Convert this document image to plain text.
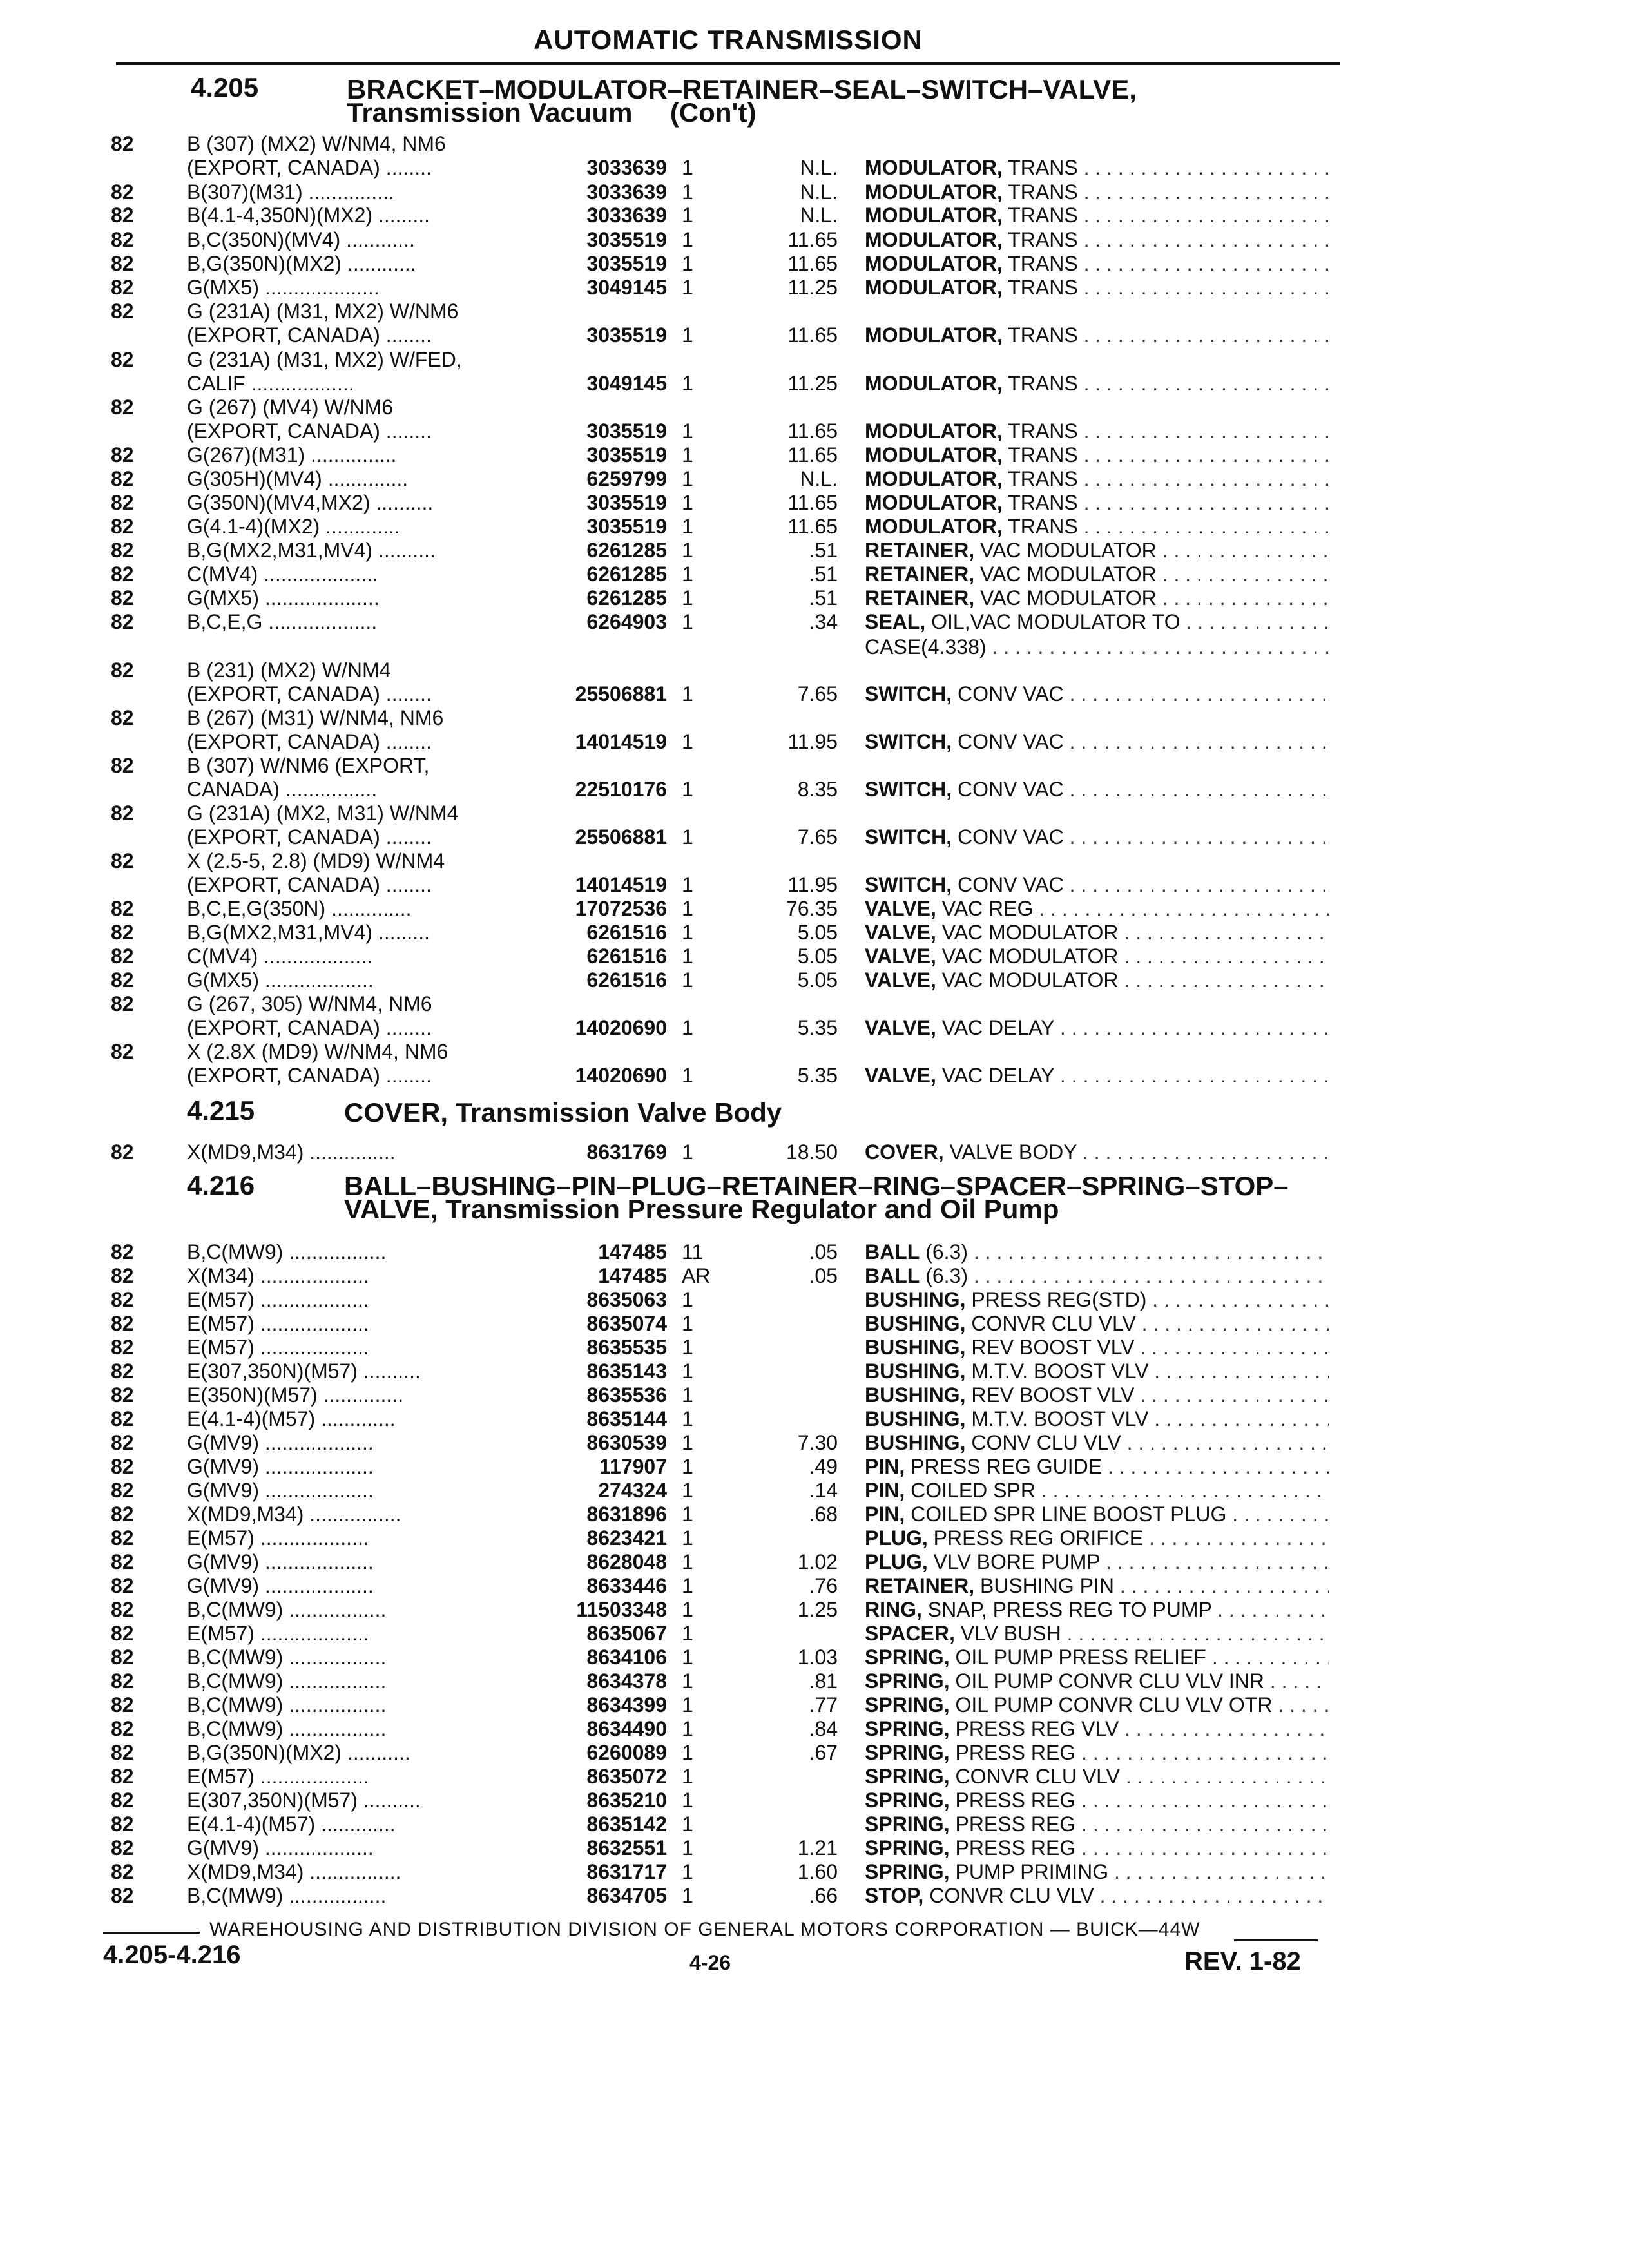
AUTOMATIC TRANSMISSION
4.205	BRACKET–MODULATOR–RETAINER–SEAL–SWITCH–VALVE,
Transmission Vacuum     (Con't)
4.215	COVER, Transmission Valve Body
4.216	BALL–BUSHING–PIN–PLUG–RETAINER–RING–SPACER–SPRING–STOP–
VALVE, Transmission Pressure Regulator and Oil Pump
82	B (307) (MX2) W/NM4, NM6
(EXPORT, CANADA) ........	3033639 1	N.L. MODULATOR, TRANS . . .
82	B(307)(M31) ...............	3033639 1	N.L. MODULATOR, TRANS . . .
82	B(4.1-4,350N)(MX2) .........	3033639 1	N.L. MODULATOR, TRANS . . .
82	B,C(350N)(MV4) ............	3035519 1	11.65 MODULATOR, TRANS . . .
82	B,G(350N)(MX2) ............	3035519 1	11.65 MODULATOR, TRANS . . .
82	G(MX5) ....................	3049145 1	11.25 MODULATOR, TRANS . . .
82	G (231A) (M31, MX2) W/NM6
(EXPORT, CANADA) ........	3035519 1	11.65 MODULATOR, TRANS . . .
82	G (231A) (M31, MX2) W/FED,
CALIF ..................	3049145 1	11.25 MODULATOR, TRANS . . .
82	G (267) (MV4) W/NM6
(EXPORT, CANADA) ........	3035519 1	11.65 MODULATOR, TRANS . . .
82	G(267)(M31) ...............	3035519 1	11.65 MODULATOR, TRANS . . .
82	G(305H)(MV4) ..............	6259799 1	N.L. MODULATOR, TRANS . . .
82	G(350N)(MV4,MX2) ..........	3035519 1	11.65 MODULATOR, TRANS . . .
82	G(4.1-4)(MX2) .............	3035519 1	11.65 MODULATOR, TRANS . . .
82	B,G(MX2,M31,MV4) ..........	6261285 1	.51 RETAINER, VAC MODULATOR . . .
82	C(MV4) ....................	6261285 1	.51 RETAINER, VAC MODULATOR . . .
82	G(MX5) ....................	6261285 1	.51 RETAINER, VAC MODULATOR . . .
82	B,C,E,G ...................	6264903 1	.34 SEAL, OIL,VAC MODULATOR TO . . .
CASE(4.338) . . .
82	B (231) (MX2) W/NM4
(EXPORT, CANADA) ........	25506881 1	7.65 SWITCH, CONV VAC . . .
82	B (267) (M31) W/NM4, NM6
(EXPORT, CANADA) ........	14014519 1	11.95 SWITCH, CONV VAC . . .
82	B (307) W/NM6 (EXPORT,
CANADA) ................	22510176 1	8.35 SWITCH, CONV VAC . . .
82	G (231A) (MX2, M31) W/NM4
(EXPORT, CANADA) ........	25506881 1	7.65 SWITCH, CONV VAC . . .
82	X (2.5-5, 2.8) (MD9) W/NM4
(EXPORT, CANADA) ........	14014519 1	11.95 SWITCH, CONV VAC . . .
82	B,C,E,G(350N) ..............	17072536 1	76.35 VALVE, VAC REG . . .
82	B,G(MX2,M31,MV4) .........	6261516 1	5.05 VALVE, VAC MODULATOR . . .
82	C(MV4) ...................	6261516 1	5.05 VALVE, VAC MODULATOR . . .
82	G(MX5) ...................	6261516 1	5.05 VALVE, VAC MODULATOR . . .
82	G (267, 305) W/NM4, NM6
(EXPORT, CANADA) ........	14020690 1	5.35 VALVE, VAC DELAY . . .
82	X (2.8X (MD9) W/NM4, NM6
(EXPORT, CANADA) ........	14020690 1	5.35 VALVE, VAC DELAY . . .
82	X(MD9,M34) ...............	8631769 1	18.50 COVER, VALVE BODY . . .
82	B,C(MW9) .................	147485 11	.05 BALL (6.3) . . .
82	X(M34) ...................	147485 AR	.05 BALL (6.3) . . .
82	E(M57) ...................	8635063 1	BUSHING, PRESS REG(STD) . . .
82	E(M57) ...................	8635074 1	BUSHING, CONVR CLU VLV . . .
82	E(M57) ...................	8635535 1	BUSHING, REV BOOST VLV . . .
82	E(307,350N)(M57) ..........	8635143 1	BUSHING, M.T.V. BOOST VLV . . .
82	E(350N)(M57) ..............	8635536 1	BUSHING, REV BOOST VLV . . .
82	E(4.1-4)(M57) .............	8635144 1	BUSHING, M.T.V. BOOST VLV . . .
82	G(MV9) ...................	8630539 1	7.30 BUSHING, CONV CLU VLV . . .
82	G(MV9) ...................	117907 1	.49 PIN, PRESS REG GUIDE . . .
82	G(MV9) ...................	274324 1	.14 PIN, COILED SPR . . .
82	X(MD9,M34) ................	8631896 1	.68 PIN, COILED SPR LINE BOOST PLUG . . .
82	E(M57) ...................	8623421 1	PLUG, PRESS REG ORIFICE . . .
82	G(MV9) ...................	8628048 1	1.02 PLUG, VLV BORE PUMP . . .
82	G(MV9) ...................	8633446 1	.76 RETAINER, BUSHING PIN . . .
82	B,C(MW9) .................	11503348 1	1.25 RING, SNAP, PRESS REG TO PUMP . . .
82	E(M57) ...................	8635067 1	SPACER, VLV BUSH . . .
82	B,C(MW9) .................	8634106 1	1.03 SPRING, OIL PUMP PRESS RELIEF . . .
82	B,C(MW9) .................	8634378 1	.81 SPRING, OIL PUMP CONVR CLU VLV INR . . .
82	B,C(MW9) .................	8634399 1	.77 SPRING, OIL PUMP CONVR CLU VLV OTR . . .
82	B,C(MW9) .................	8634490 1	.84 SPRING, PRESS REG VLV . . .
82	B,G(350N)(MX2) ...........	6260089 1	.67 SPRING, PRESS REG . . .
82	E(M57) ...................	8635072 1	SPRING, CONVR CLU VLV . . .
82	E(307,350N)(M57) ..........	8635210 1	SPRING, PRESS REG . . .
82	E(4.1-4)(M57) .............	8635142 1	SPRING, PRESS REG . . .
82	G(MV9) ...................	8632551 1	1.21 SPRING, PRESS REG . . .
82	X(MD9,M34) ................	8631717 1	1.60 SPRING, PUMP PRIMING . . .
82	B,C(MW9) .................	8634705 1	.66 STOP, CONVR CLU VLV . . .
WAREHOUSING AND DISTRIBUTION DIVISION OF GENERAL MOTORS CORPORATION — BUICK—44W
4.205-4.216	4-26	REV. 1-82
